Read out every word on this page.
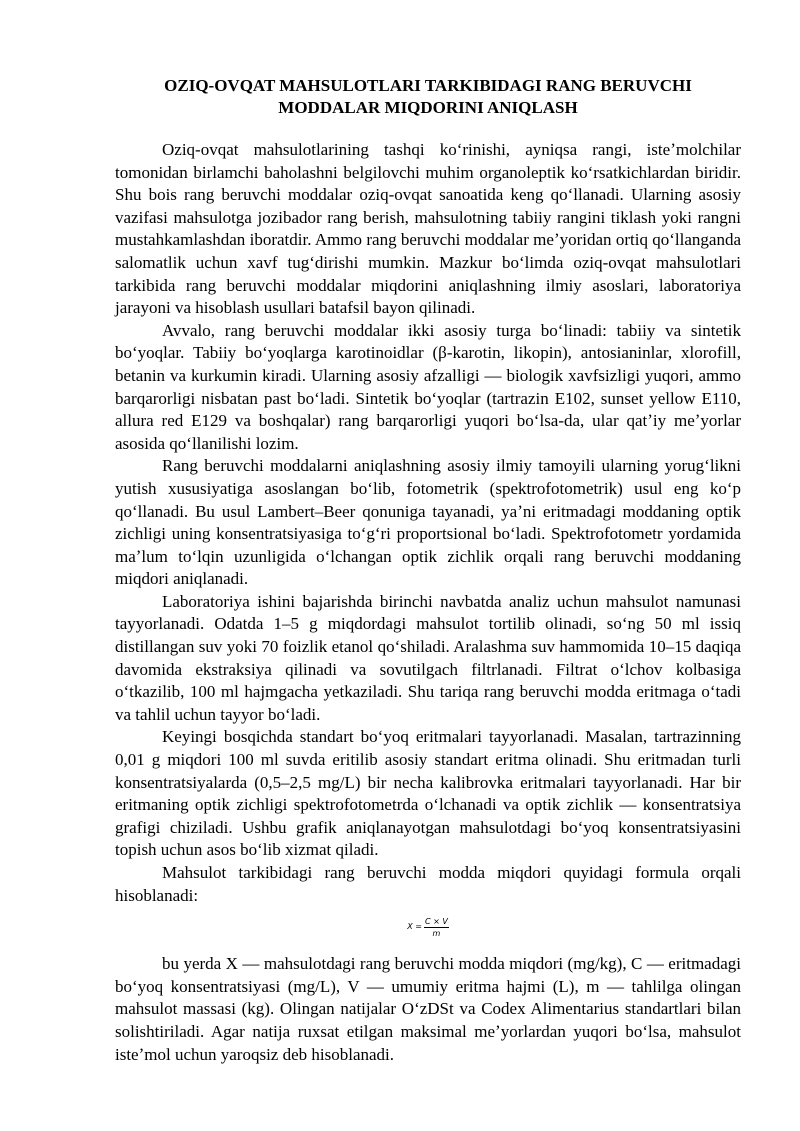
OZIQ-OVQAT MAHSULOTLARI TARKIBIDAGI RANG BERUVCHI
MODDALAR MIQDORINI ANIQLASH

Oziq-ovqat mahsulotlarining tashqi koʻrinishi, ayniqsa rangi, isteʼmolchilar tomonidan birlamchi baholashni belgilovchi muhim organoleptik koʻrsatkichlardan biridir. Shu bois rang beruvchi moddalar oziq-ovqat sanoatida keng qoʻllanadi. Ularning asosiy vazifasi mahsulotga jozibador rang berish, mahsulotning tabiiy rangini tiklash yoki rangni mustahkamlashdan iboratdir. Ammo rang beruvchi moddalar meʼyoridan ortiq qoʻllanganda salomatlik uchun xavf tugʻdirishi mumkin. Mazkur boʻlimda oziq-ovqat mahsulotlari tarkibida rang beruvchi moddalar miqdorini aniqlashning ilmiy asoslari, laboratoriya jarayoni va hisoblash usullari batafsil bayon qilinadi.

Avvalo, rang beruvchi moddalar ikki asosiy turga boʻlinadi: tabiiy va sintetik boʻyoqlar. Tabiiy boʻyoqlarga karotinoidlar (β-karotin, likopin), antosianinlar, xlorofill, betanin va kurkumin kiradi. Ularning asosiy afzalligi — biologik xavfsizligi yuqori, ammo barqarorligi nisbatan past boʻladi. Sintetik boʻyoqlar (tartrazin E102, sunset yellow E110, allura red E129 va boshqalar) rang barqarorligi yuqori boʻlsa-da, ular qatʼiy meʼyorlar asosida qoʻllanilishi lozim.

Rang beruvchi moddalarni aniqlashning asosiy ilmiy tamoyili ularning yorugʻlikni yutish xususiyatiga asoslangan boʻlib, fotometrik (spektrofotometrik) usul eng koʻp qoʻllanadi. Bu usul Lambert–Beer qonuniga tayanadi, yaʼni eritmadagi moddaning optik zichligi uning konsentratsiyasiga toʻgʻri proportsional boʻladi. Spektrofotometr yordamida maʼlum toʻlqin uzunligida oʻlchangan optik zichlik orqali rang beruvchi moddaning miqdori aniqlanadi.

Laboratoriya ishini bajarishda birinchi navbatda analiz uchun mahsulot namunasi tayyorlanadi. Odatda 1–5 g miqdordagi mahsulot tortilib olinadi, soʻng 50 ml issiq distillangan suv yoki 70 foizlik etanol qoʻshiladi. Aralashma suv hammomida 10–15 daqiqa davomida ekstraksiya qilinadi va sovutilgach filtrlanadi. Filtrat oʻlchov kolbasiga oʻtkazilib, 100 ml hajmgacha yetkaziladi. Shu tariqa rang beruvchi modda eritmaga oʻtadi va tahlil uchun tayyor boʻladi.

Keyingi bosqichda standart boʻyoq eritmalari tayyorlanadi. Masalan, tartrazinning 0,01 g miqdori 100 ml suvda eritilib asosiy standart eritma olinadi. Shu eritmadan turli konsentratsiyalarda (0,5–2,5 mg/L) bir necha kalibrovka eritmalari tayyorlanadi. Har bir eritmaning optik zichligi spektrofotometrda oʻlchanadi va optik zichlik — konsentratsiya grafigi chiziladi. Ushbu grafik aniqlanayotgan mahsulotdagi boʻyoq konsentratsiyasini topish uchun asos boʻlib xizmat qiladi.

Mahsulot tarkibidagi rang beruvchi modda miqdori quyidagi formula orqali hisoblanadi:

$X = \frac{C \times V}{m}$

bu yerda X — mahsulotdagi rang beruvchi modda miqdori (mg/kg), C — eritmadagi boʻyoq konsentratsiyasi (mg/L), V — umumiy eritma hajmi (L), m — tahlilga olingan mahsulot massasi (kg). Olingan natijalar OʻzDSt va Codex Alimentarius standartlari bilan solishtiriladi. Agar natija ruxsat etilgan maksimal meʼyorlardan yuqori boʻlsa, mahsulot isteʼmol uchun yaroqsiz deb hisoblanadi.
